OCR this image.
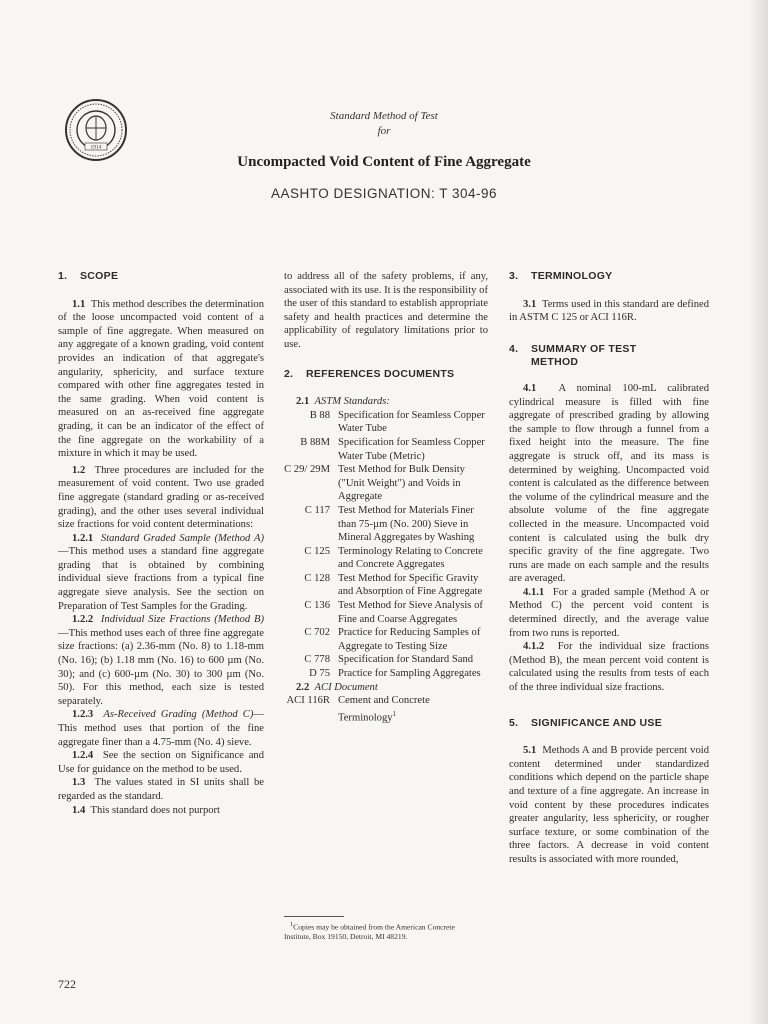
1914
Standard Method of Test
for
Uncompacted Void Content of Fine Aggregate
AASHTO DESIGNATION: T 304-96
1. SCOPE

1.1 This method describes the determination of the loose uncompacted void content of a sample of fine aggregate. When measured on any aggregate of a known grading, void content provides an indication of that aggregate's angularity, sphericity, and surface texture compared with other fine aggregates tested in the same grading. When void content is measured on an as-received fine aggregate grading, it can be an indicator of the effect of the fine aggregate on the workability of a mixture in which it may be used.

1.2 Three procedures are included for the measurement of void content. Two use graded fine aggregate (standard grading or as-received grading), and the other uses several individual size fractions for void content determinations:

1.2.1 Standard Graded Sample (Method A)—This method uses a standard fine aggregate grading that is obtained by combining individual sieve fractions from a typical fine aggregate sieve analysis. See the section on Preparation of Test Samples for the Grading.

1.2.2 Individual Size Fractions (Method B)—This method uses each of three fine aggregate size fractions: (a) 2.36-mm (No. 8) to 1.18-mm (No. 16); (b) 1.18 mm (No. 16) to 600 µm (No. 30); and (c) 600-µm (No. 30) to 300 µm (No. 50). For this method, each size is tested separately.

1.2.3 As-Received Grading (Method C)—This method uses that portion of the fine aggregate finer than a 4.75-mm (No. 4) sieve.

1.2.4 See the section on Significance and Use for guidance on the method to be used.

1.3 The values stated in SI units shall be regarded as the standard.

1.4 This standard does not purport

to address all of the safety problems, if any, associated with its use. It is the responsibility of the user of this standard to establish appropriate safety and health practices and determine the applicability of regulatory limitations prior to use.

2. REFERENCES DOCUMENTS
2.1 ASTM Standards:
B 88 Specification for Seamless Copper Water Tube
B 88M Specification for Seamless Copper Water Tube (Metric)
C 29/ 29M Test Method for Bulk Density ("Unit Weight") and Voids in Aggregate
C 117 Test Method for Materials Finer than 75-µm (No. 200) Sieve in Mineral Aggregates by Washing
C 125 Terminology Relating to Concrete and Concrete Aggregates
C 128 Test Method for Specific Gravity and Absorption of Fine Aggregate
C 136 Test Method for Sieve Analysis of Fine and Coarse Aggregates
C 702 Practice for Reducing Samples of Aggregate to Testing Size
C 778 Specification for Standard Sand
D 75 Practice for Sampling Aggregates
2.2 ACI Document
ACI 116R Cement and Concrete Terminology$^1$
$^1$Copies may be obtained from the American Concrete Institute, Box 19150, Detroit, MI 48219.
3. TERMINOLOGY

3.1 Terms used in this standard are defined in ASTM C 125 or ACI 116R.

4.	SUMMARY OF TEST METHOD

4.1 A nominal 100-mL calibrated cylindrical measure is filled with fine aggregate of prescribed grading by allowing the sample to flow through a funnel from a fixed height into the measure. The fine aggregate is struck off, and its mass is determined by weighing. Uncompacted void content is calculated as the difference between the volume of the cylindrical measure and the absolute volume of the fine aggregate collected in the measure. Uncompacted void content is calculated using the bulk dry specific gravity of the fine aggregate. Two runs are made on each sample and the results are averaged.

4.1.1 For a graded sample (Method A or Method C) the percent void content is determined directly, and the average value from two runs is reported.

4.1.2 For the individual size fractions (Method B), the mean percent void content is calculated using the results from tests of each of the three individual size fractions.

5. SIGNIFICANCE AND USE

5.1 Methods A and B provide percent void content determined under standardized conditions which depend on the particle shape and texture of a fine aggregate. An increase in void content by these procedures indicates greater angularity, less sphericity, or rougher surface texture, or some combination of the three factors. A decrease in void content results is associated with more rounded,

722
